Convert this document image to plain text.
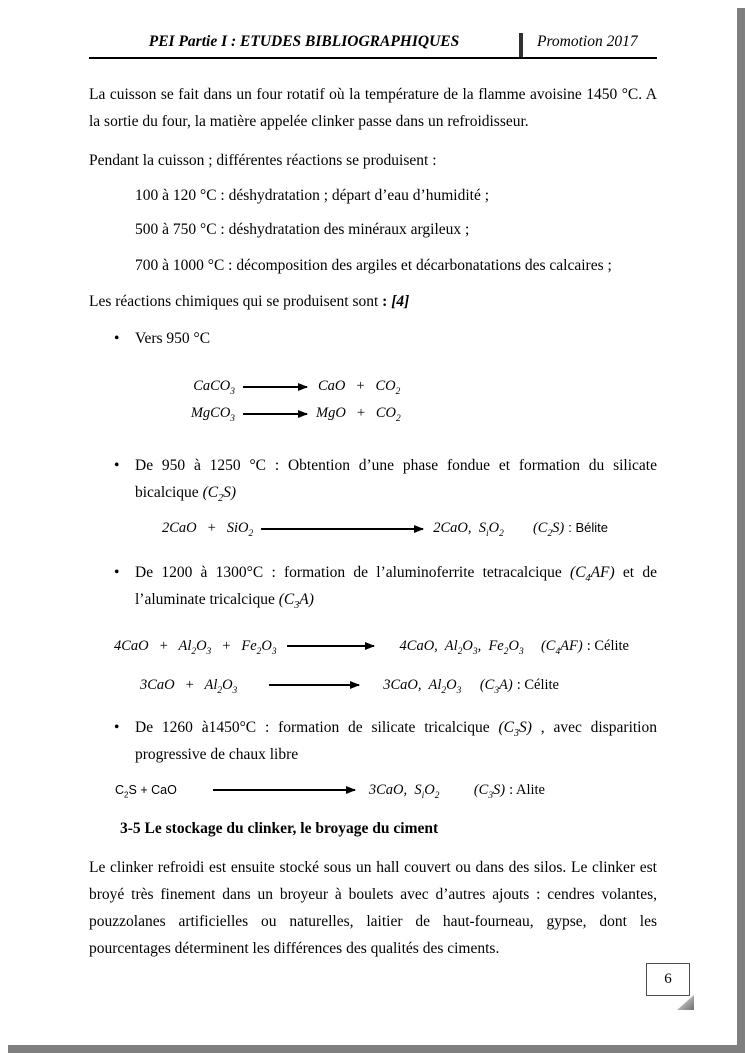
PEI Partie I : ETUDES BIBLIOGRAPHIQUES	Promotion 2017

La cuisson se fait dans un four rotatif où la température de la flamme avoisine 1450 °C. A la sortie du four, la matière appelée clinker passe dans un refroidisseur.

Pendant la cuisson ; différentes réactions se produisent :

100 à 120 °C : déshydratation ; départ d’eau d’humidité ;

500 à 750 °C : déshydratation des minéraux argileux ;

700 à 1000 °C : décomposition des argiles et décarbonatations des calcaires ;

Les réactions chimiques qui se produisent sont : [4]

•	Vers 950 °C
CaCO$_3$	CaO + $CO_2$
MgCO$_3$	MgO + $CO_2$
•	De 950 à 1250 °C : Obtention d’une phase fondue et formation du silicate bicalcique $(C_2S)$
2CaO + SiO$_2$	2CaO, $S_iO_2$ $(C_2S)$ : Bélite
•	De 1200 à 1300°C : formation de l’aluminoferrite tetracalcique $(C_4AF)$ et de l’aluminate tricalcique $(C_3A)$
$4CaO + Al_2O_3 + Fe_2O_3$	4CaO, $Al_2O_3$, $Fe_2O_3$ $(C_4AF)$ : Célite
$3CaO + Al_2O_3$	3CaO, $Al_2O_3$ $(C_3A)$ : Célite
•	De 1260 à1450°C : formation de silicate tricalcique $(C_3S)$ , avec disparition progressive de chaux libre
$C_2S$ + CaO	3CaO, $S_iO_2$ $(C_3S)$ : Alite
3-5 Le stockage du clinker, le broyage du ciment

Le clinker refroidi est ensuite stocké sous un hall couvert ou dans des silos. Le clinker est broyé très finement dans un broyeur à boulets avec d’autres ajouts : cendres volantes, pouzzolanes artificielles ou naturelles, laitier de haut-fourneau, gypse, dont les pourcentages déterminent les différences des qualités des ciments.

6
